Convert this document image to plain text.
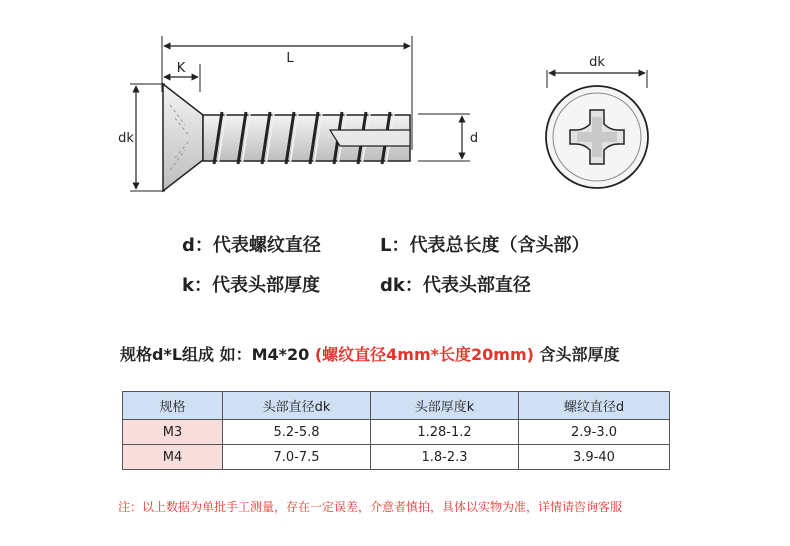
L
K
dk	d
dk
d：代表螺纹直径	L：代表总长度（含头部）
k：代表头部厚度	dk：代表头部直径
规格d*L组成 如：M4*20 (螺纹直径4mm*长度20mm) 含头部厚度
规格	头部直径dk	头部厚度k	螺纹直径d
M3	5.2-5.8	1.28-1.2	2.9-3.0
M4	7.0-7.5	1.8-2.3	3.9-40
注：以上数据为单批手工测量，存在一定误差，介意者慎拍，具体以实物为准，详情请咨询客服
